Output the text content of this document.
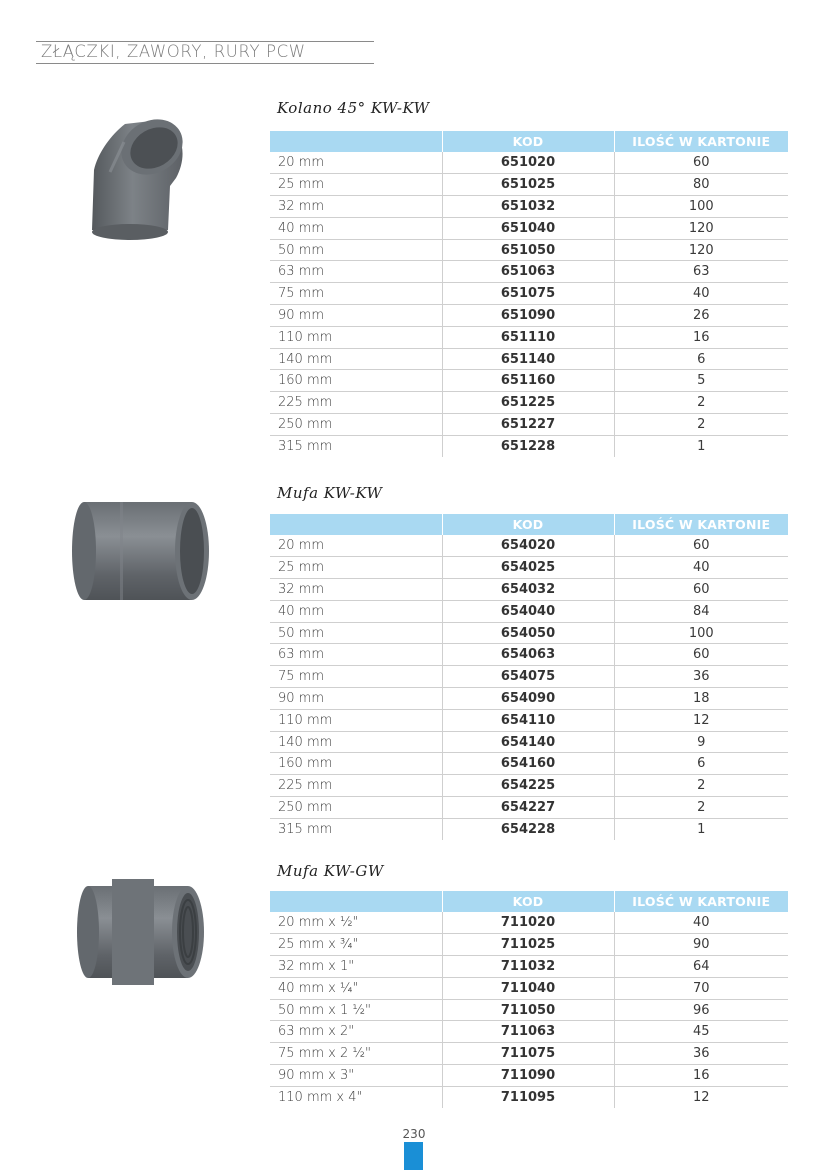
ZŁĄCZKI, ZAWORY, RURY PCW
Kolano 45° KW-KW
	KOD	ILOŚĆ W KARTONIE
20 mm	651020	60
25 mm	651025	80
32 mm	651032	100
40 mm	651040	120
50 mm	651050	120
63 mm	651063	63
75 mm	651075	40
90 mm	651090	26
110 mm	651110	16
140 mm	651140	6
160 mm	651160	5
225 mm	651225	2
250 mm	651227	2
315 mm	651228	1
Mufa KW-KW
	KOD	ILOŚĆ W KARTONIE
20 mm	654020	60
25 mm	654025	40
32 mm	654032	60
40 mm	654040	84
50 mm	654050	100
63 mm	654063	60
75 mm	654075	36
90 mm	654090	18
110 mm	654110	12
140 mm	654140	9
160 mm	654160	6
225 mm	654225	2
250 mm	654227	2
315 mm	654228	1
Mufa KW-GW
	KOD	ILOŚĆ W KARTONIE
20 mm x ½"	711020	40
25 mm x ¾"	711025	90
32 mm x 1"	711032	64
40 mm x ¼"	711040	70
50 mm x 1 ½"	711050	96
63 mm x 2"	711063	45
75 mm x 2 ½"	711075	36
90 mm x 3"	711090	16
110 mm x 4"	711095	12
230
